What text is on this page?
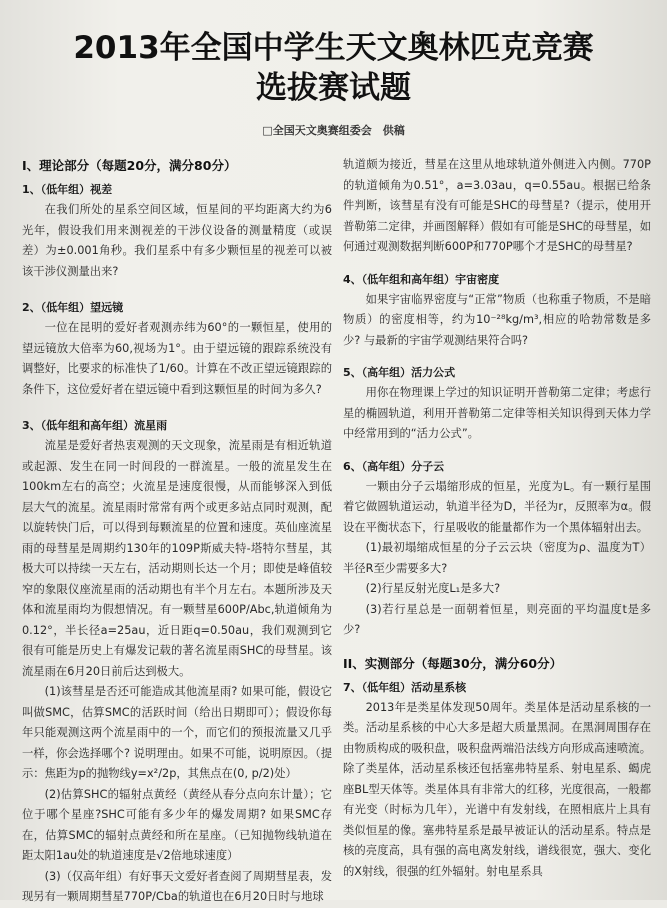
2013年全国中学生天文奥林匹克竞赛
选拔赛试题
□全国天文奥赛组委会　供稿
I、理论部分（每题20分，满分80分）
1、（低年组）视差

在我们所处的星系空间区域，恒星间的平均距离大约为6光年，假设我们用来测视差的干涉仪设备的测量精度（或误差）为±0.001角秒。我们星系中有多少颗恒星的视差可以被该干涉仪测量出来?

2、（低年组）望远镜

一位在昆明的爱好者观测赤纬为60°的一颗恒星，使用的望远镜放大倍率为60,视场为1°。由于望远镜的跟踪系统没有调整好，比要求的标准快了1/60。计算在不改正望远镜跟踪的条件下，这位爱好者在望远镜中看到这颗恒星的时间为多久?

3、（低年组和高年组）流星雨

流星是爱好者热衷观测的天文现象，流星雨是有相近轨道或起源、发生在同一时间段的一群流星。一般的流星发生在100km左右的高空；火流星是速度很慢，从而能够深入到低层大气的流星。流星雨时常常有两个或更多站点同时观测，配以旋转快门后，可以得到每颗流星的位置和速度。英仙座流星雨的母彗星是周期约130年的109P斯威夫特-塔特尔彗星，其极大可以持续一天左右，活动期则长达一个月；即使是峰值较窄的象限仪座流星雨的活动期也有半个月左右。本题所涉及天体和流星雨均为假想情况。有一颗彗星600P/Abc,轨道倾角为0.12°，半长径a=25au，近日距q=0.50au，我们观测到它很有可能是历史上有爆发记载的著名流星雨SHC的母彗星。该流星雨在6月20日前后达到极大。

(1)该彗星是否还可能造成其他流星雨? 如果可能，假设它叫做SMC，估算SMC的活跃时间（给出日期即可）；假设你每年只能观测这两个流星雨中的一个，而它们的预报流量又几乎一样，你会选择哪个? 说明理由。如果不可能，说明原因。（提示：焦距为p的抛物线y=x²/2p，其焦点在(0, p/2)处）

(2)估算SHC的辐射点黄经（黄经从春分点向东计量）；它位于哪个星座?SHC可能有多少年的爆发周期? 如果SMC存在，估算SMC的辐射点黄经和所在星座。（已知抛物线轨道在距太阳1au处的轨道速度是√2倍地球速度）

(3)（仅高年组）有好事天文爱好者查阅了周期彗星表，发现另有一颗周期彗星770P/Cba的轨道也在6月20日时与地球

轨道颇为接近，彗星在这里从地球轨道外侧进入内侧。770P的轨道倾角为0.51°，a=3.03au，q=0.55au。根据已给条件判断，该彗星有没有可能是SHC的母彗星?（提示，使用开普勒第二定律，并画图解释）假如有可能是SHC的母彗星，如何通过观测数据判断600P和770P哪个才是SHC的母彗星?

4、（低年组和高年组）宇宙密度

如果宇宙临界密度与“正常”物质（也称重子物质，不是暗物质）的密度相等，约为10⁻²⁸kg/m³,相应的哈勃常数是多少? 与最新的宇宙学观测结果符合吗?

5、（高年组）活力公式

用你在物理课上学过的知识证明开普勒第二定律；考虑行星的椭圆轨道，利用开普勒第二定律等相关知识得到天体力学中经常用到的“活力公式”。

6、（高年组）分子云

一颗由分子云塌缩形成的恒星，光度为L。有一颗行星围着它做圆轨道运动，轨道半径为D，半径为r，反照率为α。假设在平衡状态下，行星吸收的能量都作为一个黑体辐射出去。

(1)最初塌缩成恒星的分子云云块（密度为ρ、温度为T）半径R至少需要多大?

(2)行星反射光度L₁是多大?

(3)若行星总是一面朝着恒星，则亮面的平均温度t是多少?

II、实测部分（每题30分，满分60分）
7、（低年组）活动星系核

2013年是类星体发现50周年。类星体是活动星系核的一类。活动星系核的中心大多是超大质量黑洞。在黑洞周围存在由物质构成的吸积盘，吸积盘两端沿法线方向形成高速喷流。除了类星体，活动星系核还包括塞弗特星系、射电星系、蝎虎座BL型天体等。类星体具有非常大的红移，光度很高，一般都有光变（时标为几年），光谱中有发射线，在照相底片上具有类似恒星的像。塞弗特星系是最早被证认的活动星系。特点是核的亮度高，具有强的高电离发射线，谱线很宽，强大、变化的X射线，很强的红外辐射。射电星系具
